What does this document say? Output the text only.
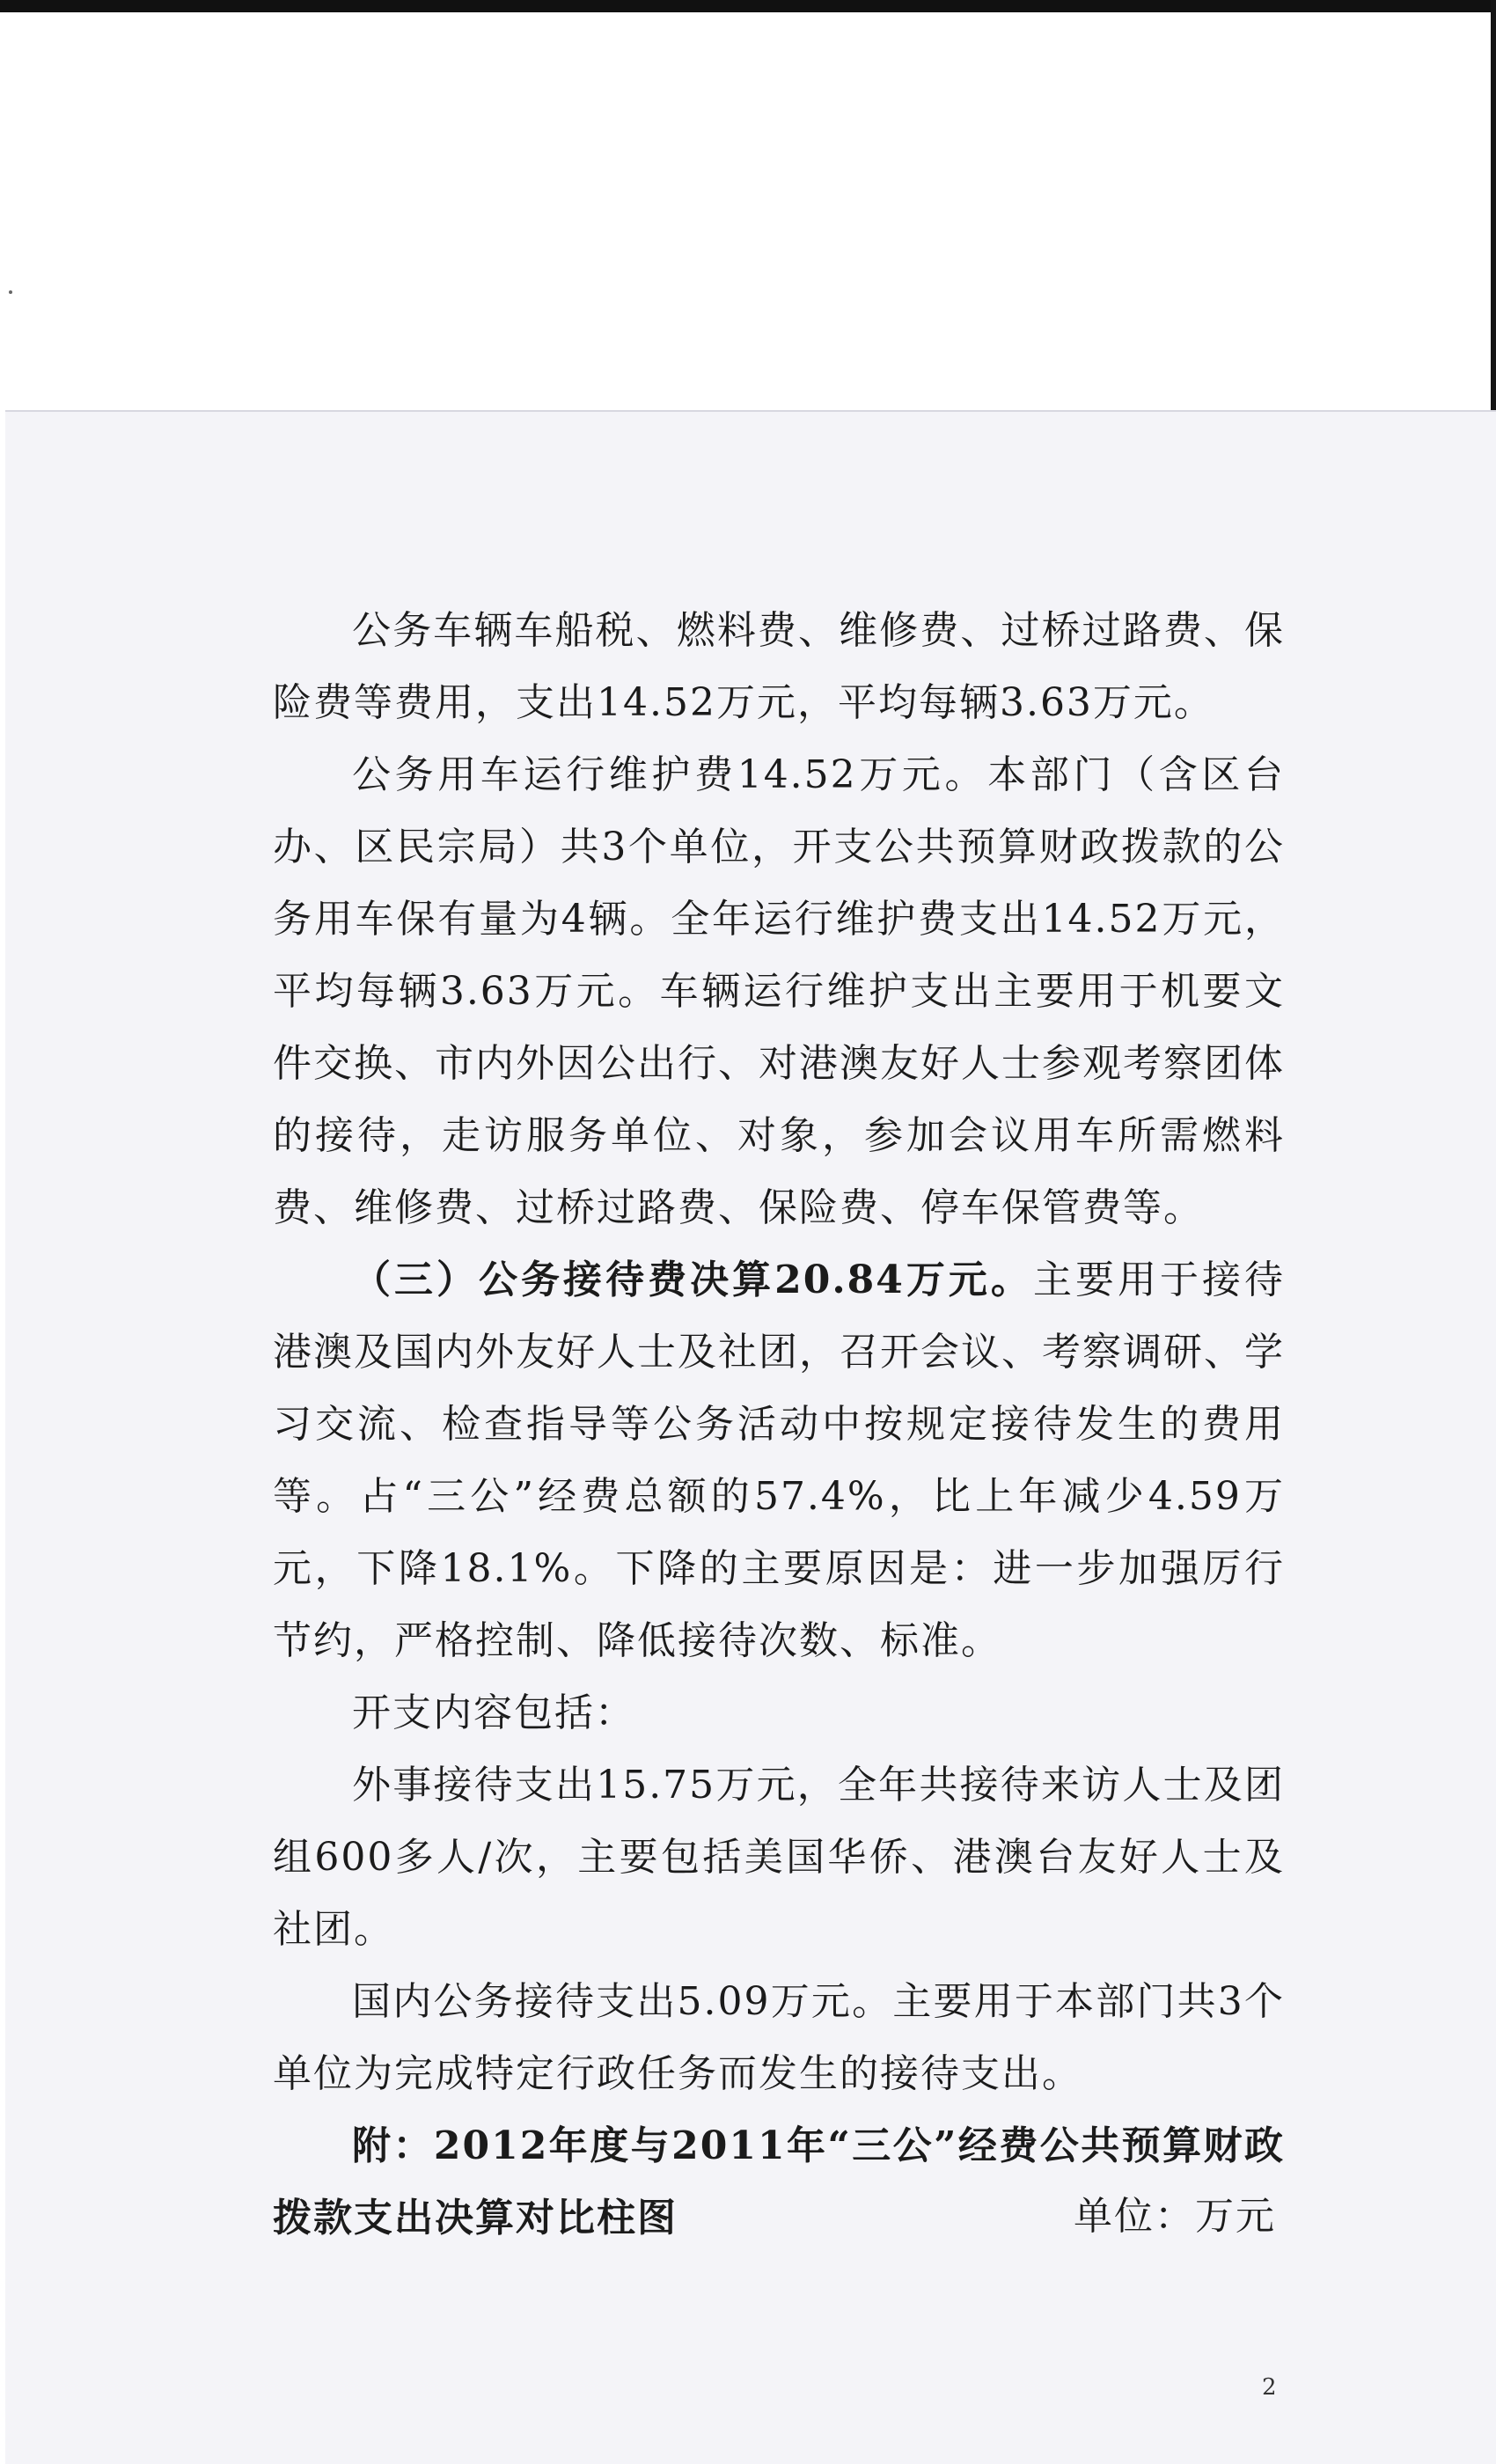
公务车辆车船税、燃料费、维修费、过桥过路费、保险费等费用，支出14.52万元，平均每辆3.63万元。

公务用车运行维护费14.52万元。本部门（含区台办、区民宗局）共3个单位，开支公共预算财政拨款的公务用车保有量为4辆。全年运行维护费支出14.52万元，平均每辆3.63万元。车辆运行维护支出主要用于机要文件交换、市内外因公出行、对港澳友好人士参观考察团体的接待，走访服务单位、对象，参加会议用车所需燃料费、维修费、过桥过路费、保险费、停车保管费等。

（三）公务接待费决算20.84万元。主要用于接待港澳及国内外友好人士及社团，召开会议、考察调研、学习交流、检查指导等公务活动中按规定接待发生的费用等。占“三公”经费总额的57.4%，比上年减少4.59万元，下降18.1%。下降的主要原因是：进一步加强厉行节约，严格控制、降低接待次数、标准。

开支内容包括：

外事接待支出15.75万元，全年共接待来访人士及团组600多人/次，主要包括美国华侨、港澳台友好人士及社团。

国内公务接待支出5.09万元。主要用于本部门共3个单位为完成特定行政任务而发生的接待支出。

附：2012年度与2011年“三公”经费公共预算财政拨款支出决算对比柱图	单位：万元
2
